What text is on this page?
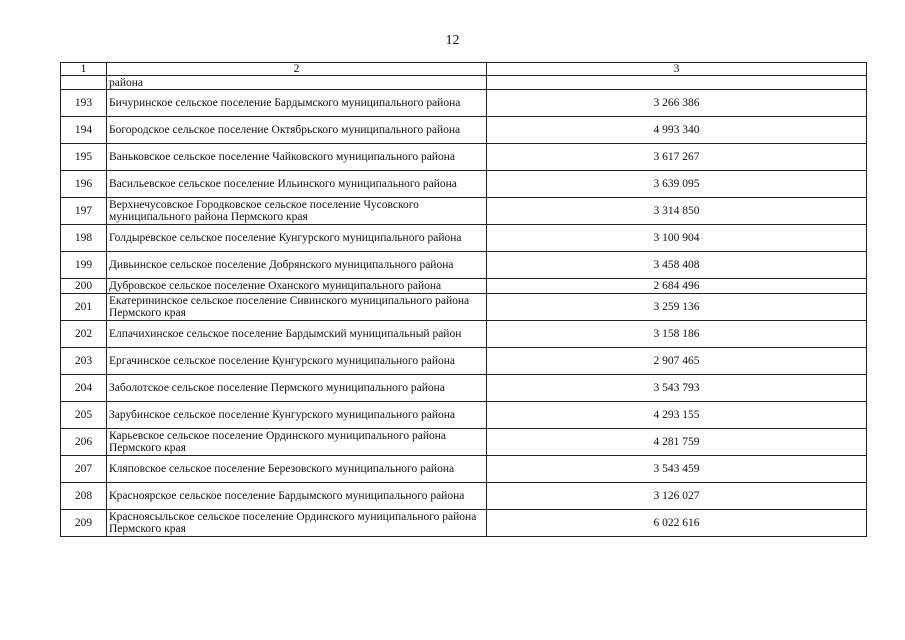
12
1	2	3
	района	
193	Бичуринское сельское поселение Бардымского муниципального района	3 266 386
194	Богородское сельское поселение Октябрьского муниципального района	4 993 340
195	Ваньковское сельское поселение Чайковского муниципального района	3 617 267
196	Васильевское сельское поселение Ильинского муниципального района	3 639 095
197	Верхнечусовское Городковское сельское поселение Чусовского муниципального района Пермского края	3 314 850
198	Голдыревское сельское поселение Кунгурского муниципального района	3 100 904
199	Дивьинское сельское поселение Добрянского муниципального района	3 458 408
200	Дубровское сельское поселение Оханского муниципального района	2 684 496
201	Екатерининское сельское поселение Сивинского муниципального района Пермского края	3 259 136
202	Елпачихинское сельское поселение Бардымский муниципальный район	3 158 186
203	Ергачинское сельское поселение Кунгурского муниципального района	2 907 465
204	Заболотское сельское поселение Пермского муниципального района	3 543 793
205	Зарубинское сельское поселение Кунгурского муниципального района	4 293 155
206	Карьевское сельское поселение Ординского муниципального района Пермского края	4 281 759
207	Кляповское сельское поселение Березовского муниципального района	3 543 459
208	Красноярское сельское поселение Бардымского муниципального района	3 126 027
209	Красноясыльское сельское поселение Ординского муниципального района Пермского края	6 022 616
